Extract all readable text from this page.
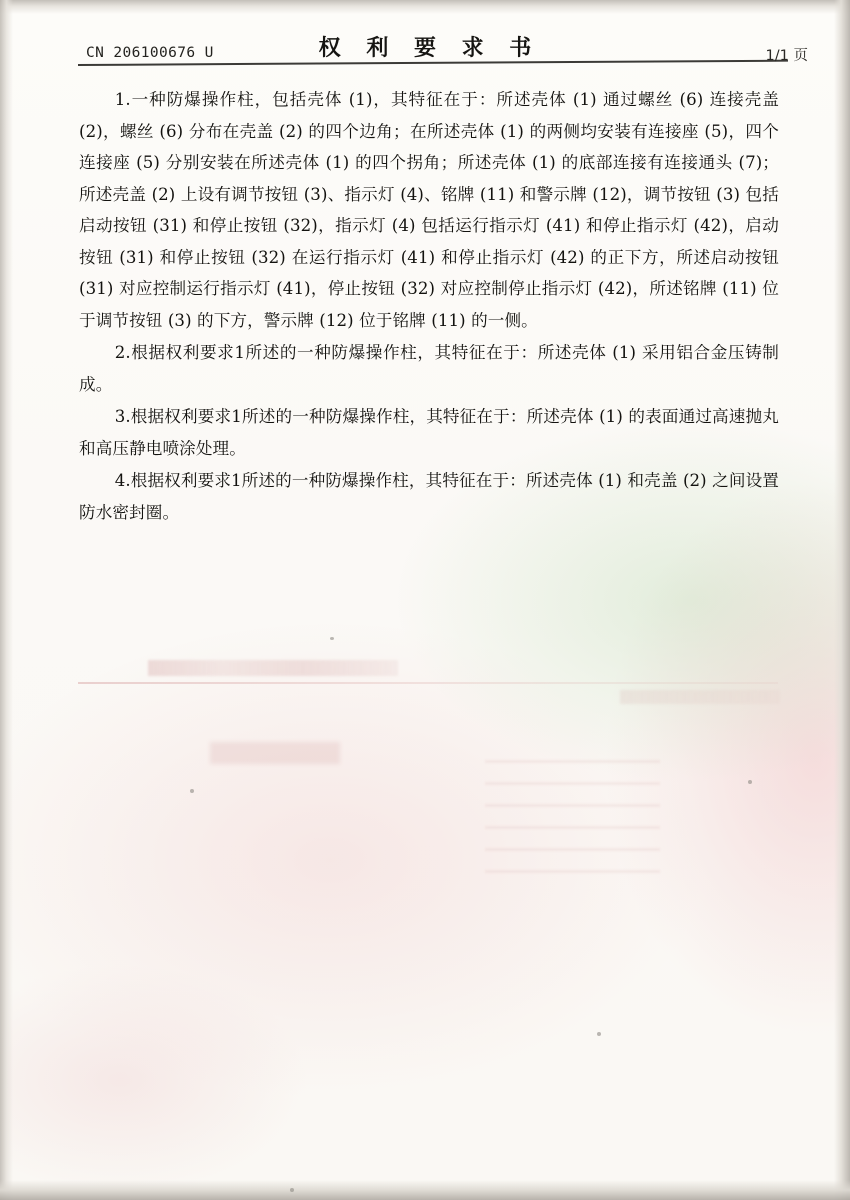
CN 206100676 U	权 利 要 求 书	1/1 页

1.一种防爆操作柱，包括壳体 (1)，其特征在于：所述壳体 (1) 通过螺丝 (6) 连接壳盖 (2)，螺丝 (6) 分布在壳盖 (2) 的四个边角；在所述壳体 (1) 的两侧均安装有连接座 (5)，四个连接座 (5) 分别安装在所述壳体 (1) 的四个拐角；所述壳体 (1) 的底部连接有连接通头 (7)；所述壳盖 (2) 上设有调节按钮 (3)、指示灯 (4)、铭牌 (11) 和警示牌 (12)，调节按钮 (3) 包括启动按钮 (31) 和停止按钮 (32)，指示灯 (4) 包括运行指示灯 (41) 和停止指示灯 (42)，启动按钮 (31) 和停止按钮 (32) 在运行指示灯 (41) 和停止指示灯 (42) 的正下方，所述启动按钮 (31) 对应控制运行指示灯 (41)，停止按钮 (32) 对应控制停止指示灯 (42)，所述铭牌 (11) 位于调节按钮 (3) 的下方，警示牌 (12) 位于铭牌 (11) 的一侧。

2.根据权利要求1所述的一种防爆操作柱，其特征在于：所述壳体 (1) 采用铝合金压铸制成。

3.根据权利要求1所述的一种防爆操作柱，其特征在于：所述壳体 (1) 的表面通过高速抛丸和高压静电喷涂处理。

4.根据权利要求1所述的一种防爆操作柱，其特征在于：所述壳体 (1) 和壳盖 (2) 之间设置防水密封圈。
